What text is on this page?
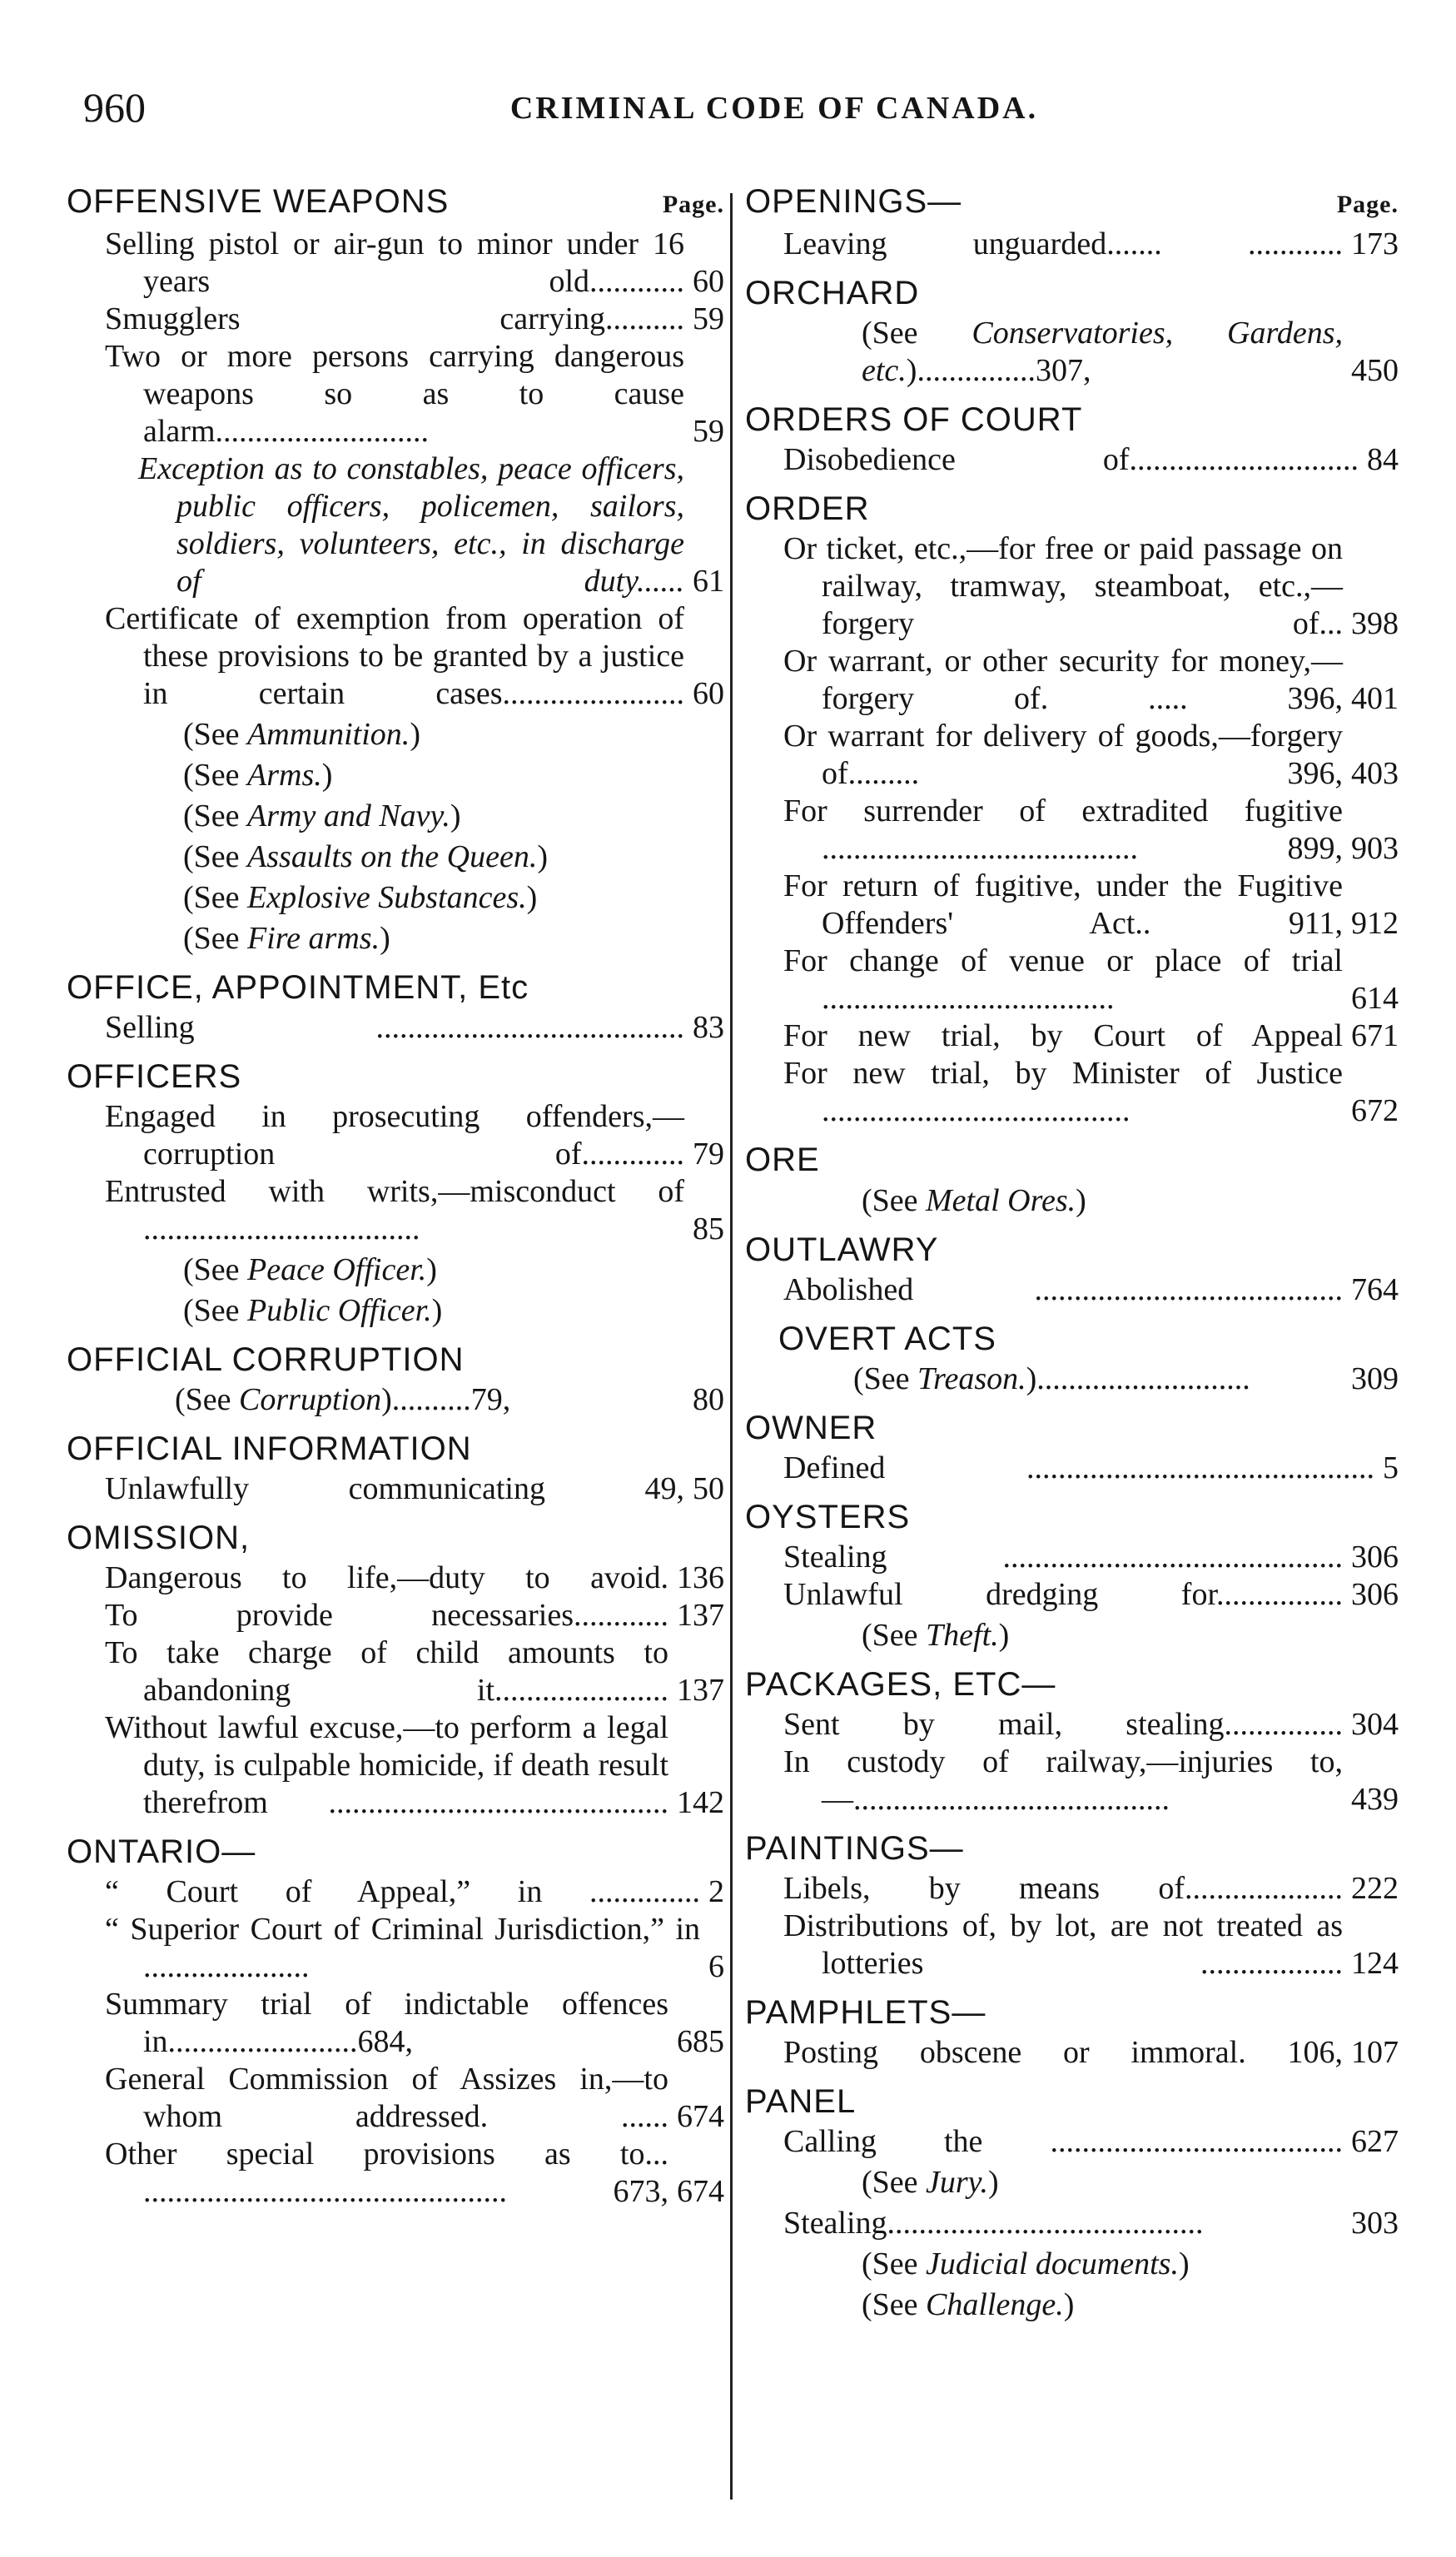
960	CRIMINAL CODE OF CANADA.
OFFENSIVE WEAPONS	Page.
Selling pistol or air-gun to minor under 16 years old............ 60
Smugglers carrying.......... 59
Two or more persons carrying dangerous weapons so as to cause alarm...........................	59
Exception as to constables, peace officers, public officers, policemen, sailors, soldiers, volunteers, etc., in discharge of duty...... 61
Certificate of exemption from operation of these provisions to be granted by a justice in certain cases....................... 60
(See Ammunition.)
(See Arms.)
(See Army and Navy.)
(See Assaults on the Queen.)
(See Explosive Substances.)
(See Fire arms.)
OFFICE, APPOINTMENT, Etc
Selling ....................................... 83
OFFICERS
Engaged in prosecuting offenders,—corruption of............. 79
Entrusted with writs,—misconduct of ...................................	85
(See Peace Officer.)
(See Public Officer.)
OFFICIAL CORRUPTION
(See Corruption)..........79,	80
OFFICIAL INFORMATION
Unlawfully communicating 49, 50
OMISSION,
Dangerous to life,—duty to avoid. 136
To provide necessaries............ 137
To take charge of child amounts to abandoning it...................... 137
Without lawful excuse,—to perform a legal duty, is culpable homicide, if death result therefrom ........................................... 142
ONTARIO—
“ Court of Appeal,” in .............. 2
“ Superior Court of Criminal Jurisdiction,” in .....................	6
Summary trial of indictable offences in........................684,	685
General Commission of Assizes in,—to whom addressed. ...... 674
Other special provisions as to... .............................................. 673, 674
OPENINGS—	Page.
Leaving unguarded....... ............ 173
ORCHARD
(See Conservatories, Gardens, etc.)...............307,	450
ORDERS OF COURT
Disobedience of............................. 84
ORDER
Or ticket, etc.,—for free or paid passage on railway, tramway, steamboat, etc.,—forgery of... 398
Or warrant, or other security for money,—forgery of. ..... 396, 401
Or warrant for delivery of goods,—forgery of......... 396, 403
For surrender of extradited fugitive ........................................ 899, 903
For return of fugitive, under the Fugitive Offenders' Act.. 911, 912
For change of venue or place of trial .....................................	614
For new trial, by Court of Appeal 671
For new trial, by Minister of Justice .......................................	672
ORE
(See Metal Ores.)
OUTLAWRY
Abolished ....................................... 764
OVERT ACTS
(See Treason.)...........................	309
OWNER
Defined ............................................ 5
OYSTERS
Stealing ........................................... 306
Unlawful dredging for................ 306
(See Theft.)
PACKAGES, ETC—
Sent by mail, stealing............... 304
In custody of railway,—injuries to,—........................................	439
PAINTINGS—
Libels, by means of.................... 222
Distributions of, by lot, are not treated as lotteries .................. 124
PAMPHLETS—
Posting obscene or immoral. 106, 107
PANEL
Calling the ..................................... 627
(See Jury.)
Stealing........................................	303
(See Judicial documents.)
(See Challenge.)
